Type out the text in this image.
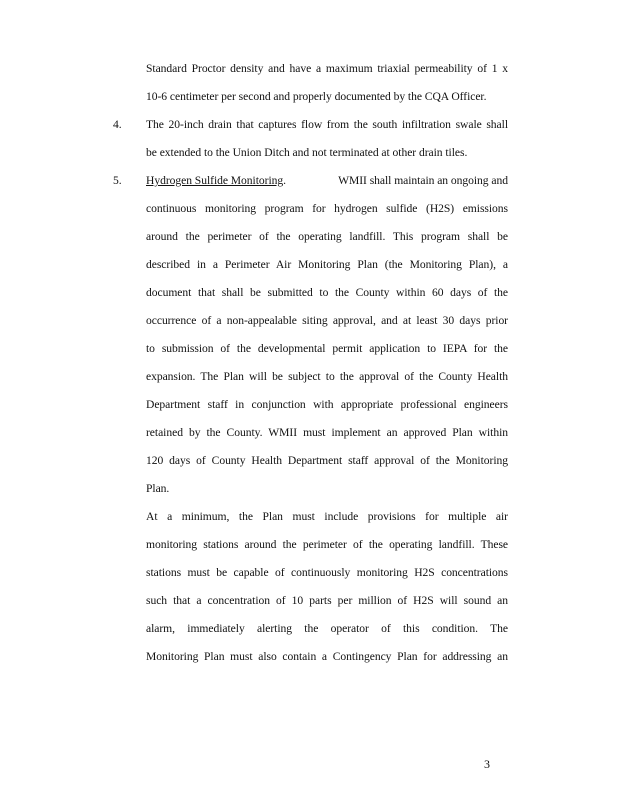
Standard Proctor density and have a maximum triaxial permeability of 1 x
10-6 centimeter per second and properly documented by the CQA Officer.
4. The 20-inch drain that captures flow from the south infiltration swale shall
be extended to the Union Ditch and not terminated at other drain tiles.
5. Hydrogen Sulfide Monitoring.	WMII shall maintain an ongoing and
continuous monitoring program for hydrogen sulfide (H2S) emissions
around the perimeter of the operating landfill. This program shall be
described in a Perimeter Air Monitoring Plan (the Monitoring Plan), a
document that shall be submitted to the County within 60 days of the
occurrence of a non-appealable siting approval, and at least 30 days prior
to submission of the developmental permit application to IEPA for the
expansion. The Plan will be subject to the approval of the County Health
Department staff in conjunction with appropriate professional engineers
retained by the County. WMII must implement an approved Plan within
120 days of County Health Department staff approval of the Monitoring
Plan.
At a minimum, the Plan must include provisions for multiple air
monitoring stations around the perimeter of the operating landfill. These
stations must be capable of continuously monitoring H2S concentrations
such that a concentration of 10 parts per million of H2S will sound an
alarm, immediately alerting the operator of this condition. The
Monitoring Plan must also contain a Contingency Plan for addressing an
3
